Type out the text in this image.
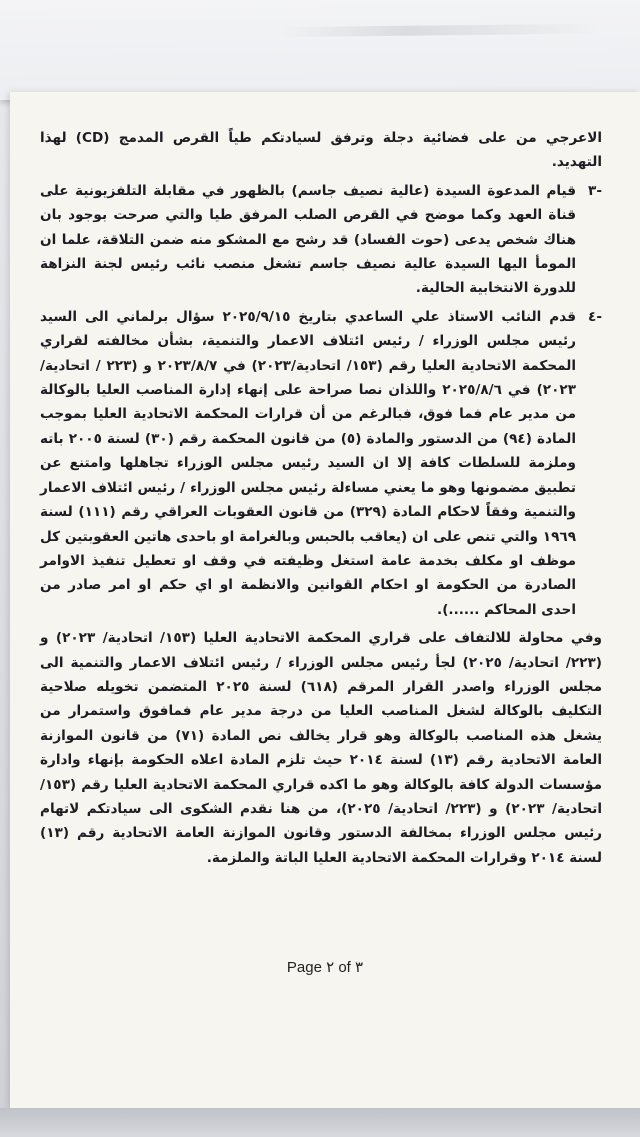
الاعرجي من على فضائية دجلة وترفق لسيادتكم طياً القرص المدمج (CD) لهذا التهديد.
-٣
قيام المدعوة السيدة (عالية نصيف جاسم) بالظهور في مقابلة التلفزيونية على قناة العهد وكما موضح في القرص الصلب المرفق طيا والتي صرحت بوجود بان هناك شخص يدعى (حوت الفساد) قد رشح مع المشكو منه ضمن التلاقة، علما ان المومأ اليها السيدة عالية نصيف جاسم تشغل منصب نائب رئيس لجنة النزاهة للدورة الانتخابية الحالية.
-٤
قدم النائب الاستاذ علي الساعدي بتاريخ ٢٠٢٥/٩/١٥ سؤال برلماني الى السيد رئيس مجلس الوزراء / رئيس ائتلاف الاعمار والتنمية، بشأن مخالفته لقراري المحكمة الاتحادية العليا رقم (١٥٣/ اتحادية/٢٠٢٣) في ٢٠٢٣/٨/٧ و (٢٢٣ / اتحادية/ ٢٠٢٣) في ٢٠٢٥/٨/٦ واللذان نصا صراحة على إنهاء إدارة المناصب العليا بالوكالة من مدير عام فما فوق، فبالرغم من أن قرارات المحكمة الاتحادية العليا بموجب المادة (٩٤) من الدستور والمادة (٥) من قانون المحكمة رقم (٣٠) لسنة ٢٠٠٥ باته وملزمة للسلطات كافة إلا ان السيد رئيس مجلس الوزراء تجاهلها وامتنع عن تطبيق مضمونها وهو ما يعني مساءلة رئيس مجلس الوزراء / رئيس ائتلاف الاعمار والتنمية وفقاً لاحكام المادة (٣٢٩) من قانون العقوبات العراقي رقم (١١١) لسنة ١٩٦٩ والتي تنص على ان (يعاقب بالحبس وبالغرامة او باحدى هاتين العقوبتين كل موظف او مكلف بخدمة عامة استغل وظيفته في وقف او تعطيل تنفيذ الاوامر الصادرة من الحكومة او احكام القوانين والانظمة او اي حكم او امر صادر من احدى المحاكم ......).
وفي محاولة للالتفاف على قراري المحكمة الاتحادية العليا (١٥٣/ اتحادية/ ٢٠٢٣) و (٢٢٣/ اتحادية/ ٢٠٢٥) لجأ رئيس مجلس الوزراء / رئيس ائتلاف الاعمار والتنمية الى مجلس الوزراء واصدر القرار المرقم (٦١٨) لسنة ٢٠٢٥ المتضمن تخويله صلاحية التكليف بالوكالة لشغل المناصب العليا من درجة مدير عام فمافوق واستمرار من يشغل هذه المناصب بالوكالة وهو قرار يخالف نص المادة (٧١) من قانون الموازنة العامة الاتحادية رقم (١٣) لسنة ٢٠١٤ حيث تلزم المادة اعلاه الحكومة بإنهاء وادارة مؤسسات الدولة كافة بالوكالة وهو ما اكده قراري المحكمة الاتحادية العليا رقم (١٥٣/ اتحادية/ ٢٠٢٣) و (٢٢٣/ اتحادية/ ٢٠٢٥)، من هنا نقدم الشكوى الى سيادتكم لاتهام رئيس مجلس الوزراء بمخالفة الدستور وقانون الموازنة العامة الاتحادية رقم (١٣) لسنة ٢٠١٤ وقرارات المحكمة الاتحادية العليا الباتة والملزمة.
Page ٢ of ٣
